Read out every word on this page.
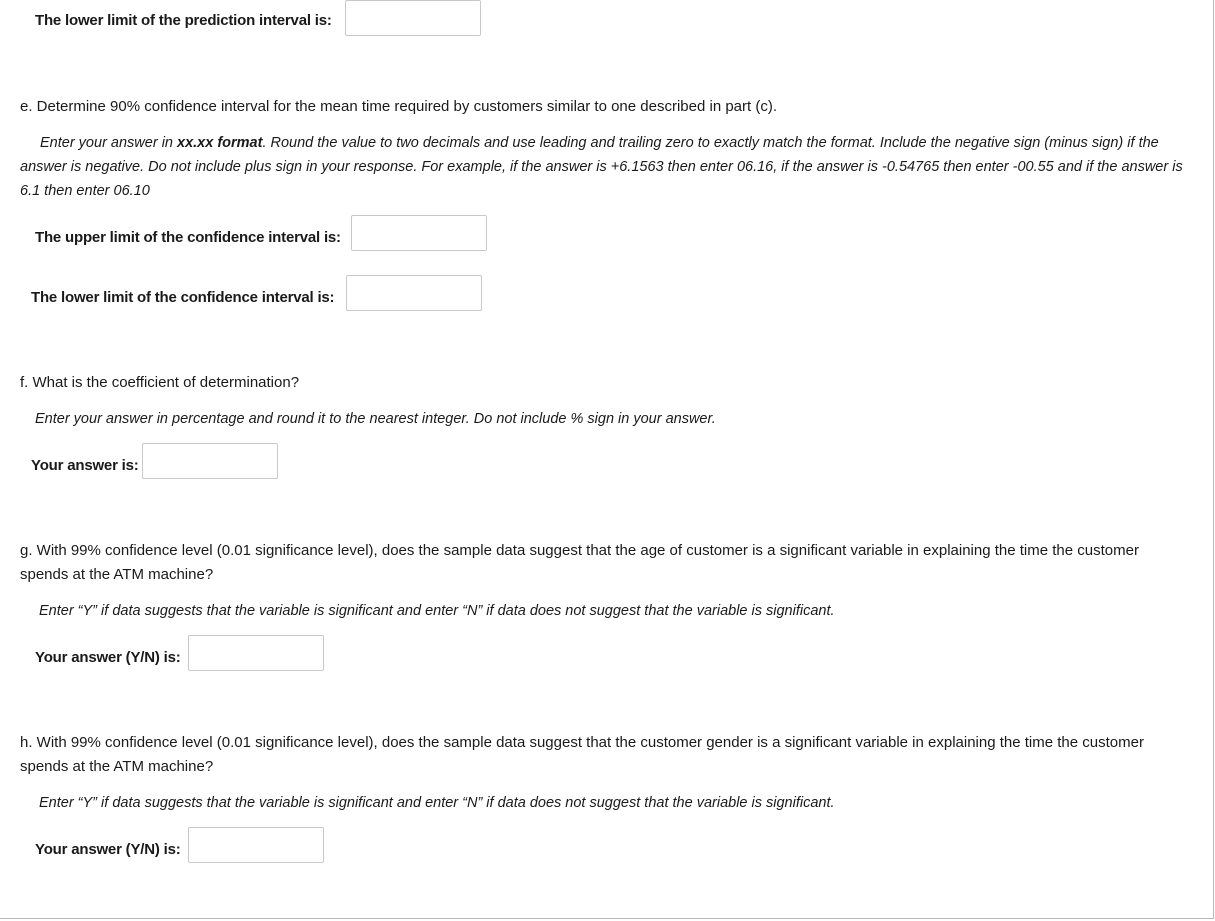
The lower limit of the prediction interval is:
e. Determine 90% confidence interval for the mean time required by customers similar to one described in part (c).
Enter your answer in xx.xx format. Round the value to two decimals and use leading and trailing zero to exactly match the format. Include the negative sign (minus sign) if the answer is negative. Do not include plus sign in your response. For example, if the answer is +6.1563 then enter 06.16, if the answer is -0.54765 then enter -00.55 and if the answer is 6.1 then enter 06.10
The upper limit of the confidence interval is:
The lower limit of the confidence interval is:
f. What is the coefficient of determination?
Enter your answer in percentage and round it to the nearest integer. Do not include % sign in your answer.
Your answer is:
g. With 99% confidence level (0.01 significance level), does the sample data suggest that the age of customer is a significant variable in explaining the time the customer spends at the ATM machine?
Enter “Y” if data suggests that the variable is significant and enter “N” if data does not suggest that the variable is significant.
Your answer (Y/N) is:
h. With 99% confidence level (0.01 significance level), does the sample data suggest that the customer gender is a significant variable in explaining the time the customer spends at the ATM machine?
Enter “Y” if data suggests that the variable is significant and enter “N” if data does not suggest that the variable is significant.
Your answer (Y/N) is:
